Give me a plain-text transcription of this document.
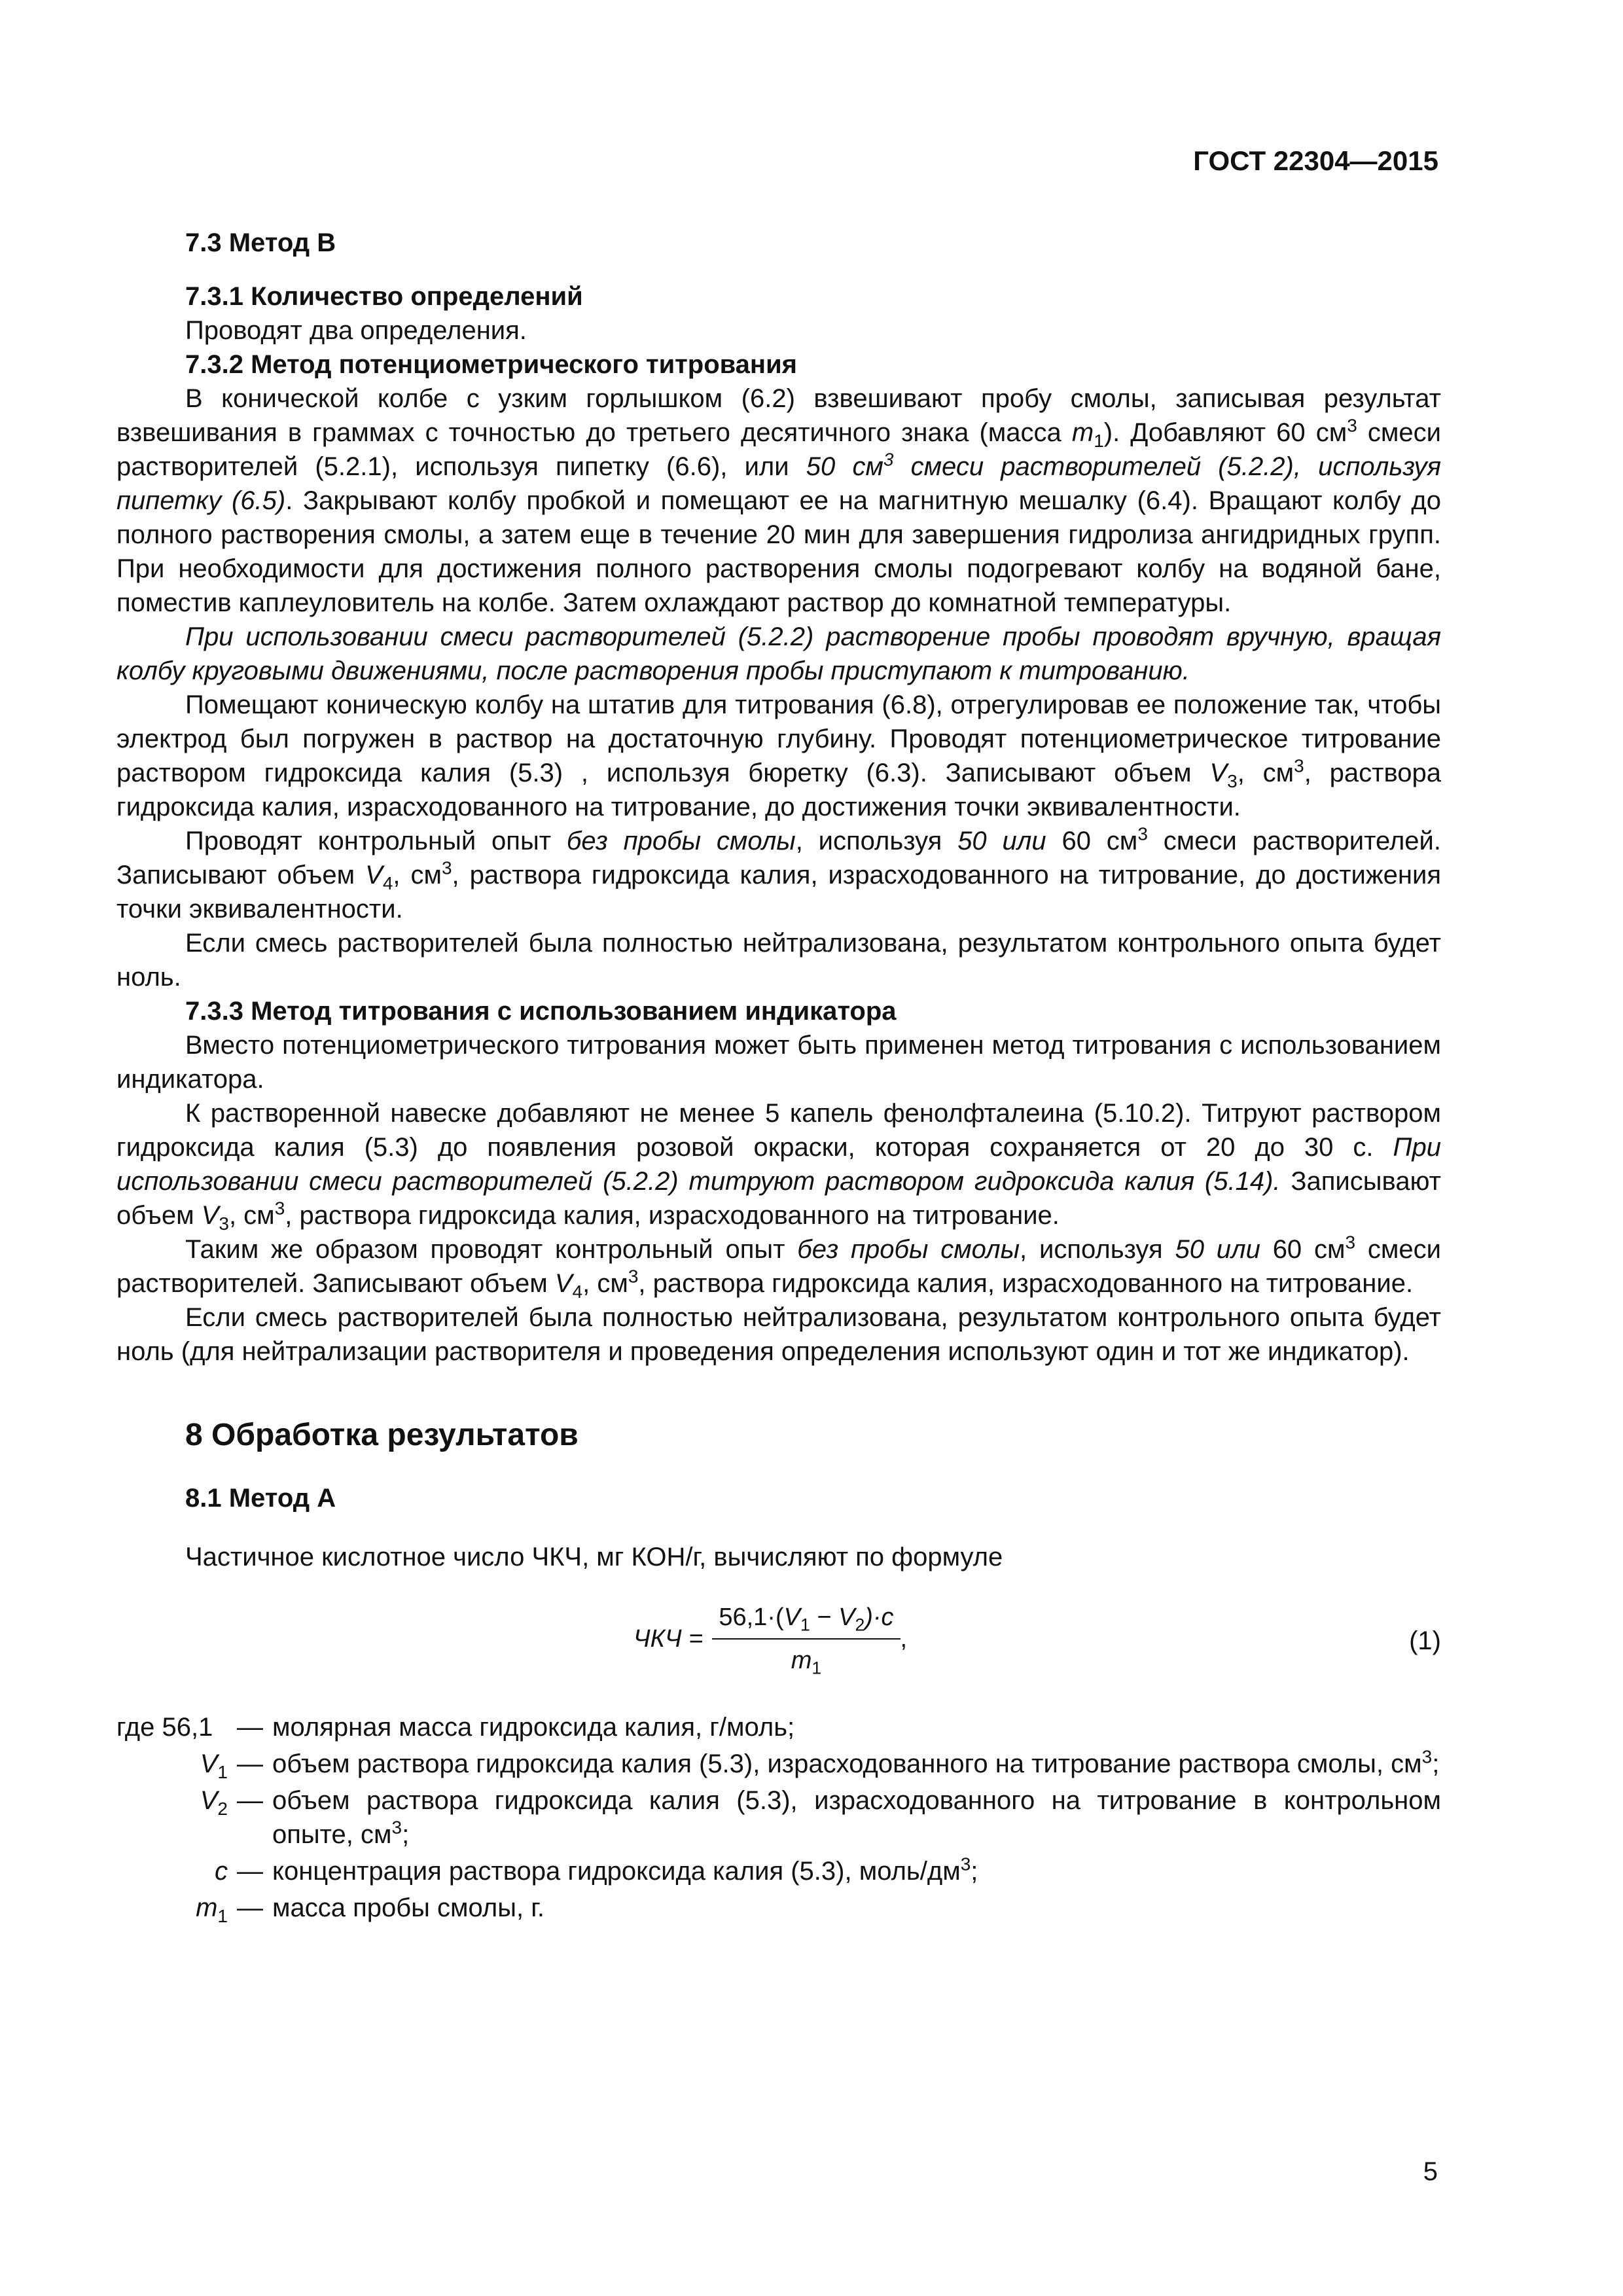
ГОСТ 22304—2015

7.3 Метод В

7.3.1 Количество определений

Проводят два определения.

7.3.2 Метод потенциометрического титрования

В конической колбе с узким горлышком (6.2) взвешивают пробу смолы, записывая результат взвешивания в граммах с точностью до третьего десятичного знака (масса $m_1$). Добавляют 60 $см^3$ смеси растворителей (5.2.1), используя пипетку (6.6), или 50 $см^3$ смеси растворителей (5.2.2), используя пипетку (6.5). Закрывают колбу пробкой и помещают ее на магнитную мешалку (6.4). Вращают колбу до полного растворения смолы, а затем еще в течение 20 мин для завершения гидролиза ангидридных групп. При необходимости для достижения полного растворения смолы подогревают колбу на водяной бане, поместив каплеуловитель на колбе. Затем охлаждают раствор до комнатной температуры.

При использовании смеси растворителей (5.2.2) растворение пробы проводят вручную, вращая колбу круговыми движениями, после растворения пробы приступают к титрованию.

Помещают коническую колбу на штатив для титрования (6.8), отрегулировав ее положение так, чтобы электрод был погружен в раствор на достаточную глубину. Проводят потенциометрическое титрование раствором гидроксида калия (5.3) , используя бюретку (6.3). Записывают объем $V_3$, $см^3$, раствора гидроксида калия, израсходованного на титрование, до достижения точки эквивалентности.

Проводят контрольный опыт без пробы смолы, используя 50 или 60 $см^3$ смеси растворителей. Записывают объем $V_4$, $см^3$, раствора гидроксида калия, израсходованного на титрование, до достижения точки эквивалентности.

Если смесь растворителей была полностью нейтрализована, результатом контрольного опыта будет ноль.

7.3.3 Метод титрования с использованием индикатора

Вместо потенциометрического титрования может быть применен метод титрования с использованием индикатора.

К растворенной навеске добавляют не менее 5 капель фенолфталеина (5.10.2). Титруют раствором гидроксида калия (5.3) до появления розовой окраски, которая сохраняется от 20 до 30 с. При использовании смеси растворителей (5.2.2) титруют раствором гидроксида калия (5.14). Записывают объем $V_3$, $см^3$, раствора гидроксида калия, израсходованного на титрование.

Таким же образом проводят контрольный опыт без пробы смолы, используя 50 или 60 $см^3$ смеси растворителей. Записывают объем $V_4$, $см^3$, раствора гидроксида калия, израсходованного на титрование.

Если смесь растворителей была полностью нейтрализована, результатом контрольного опыта будет ноль (для нейтрализации растворителя и проведения определения используют один и тот же индикатор).

8 Обработка результатов

8.1 Метод А

Частичное кислотное число ЧКЧ, мг КОН/г, вычисляют по формуле

ЧКЧ = $\frac{56,1\cdot(V_1 - V_2)\cdot c}{m_1}$ ,	(1)
где 56,1 — молярная масса гидроксида калия, г/моль;
$V_1$ — объем раствора гидроксида калия (5.3), израсходованного на титрование раствора смолы, $см^3$;
$V_2$ — объем раствора гидроксида калия (5.3), израсходованного на титрование в контрольном опыте, $см^3$;
c — концентрация раствора гидроксида калия (5.3), моль/$дм^3$;
$m_1$ — масса пробы смолы, г.
5
